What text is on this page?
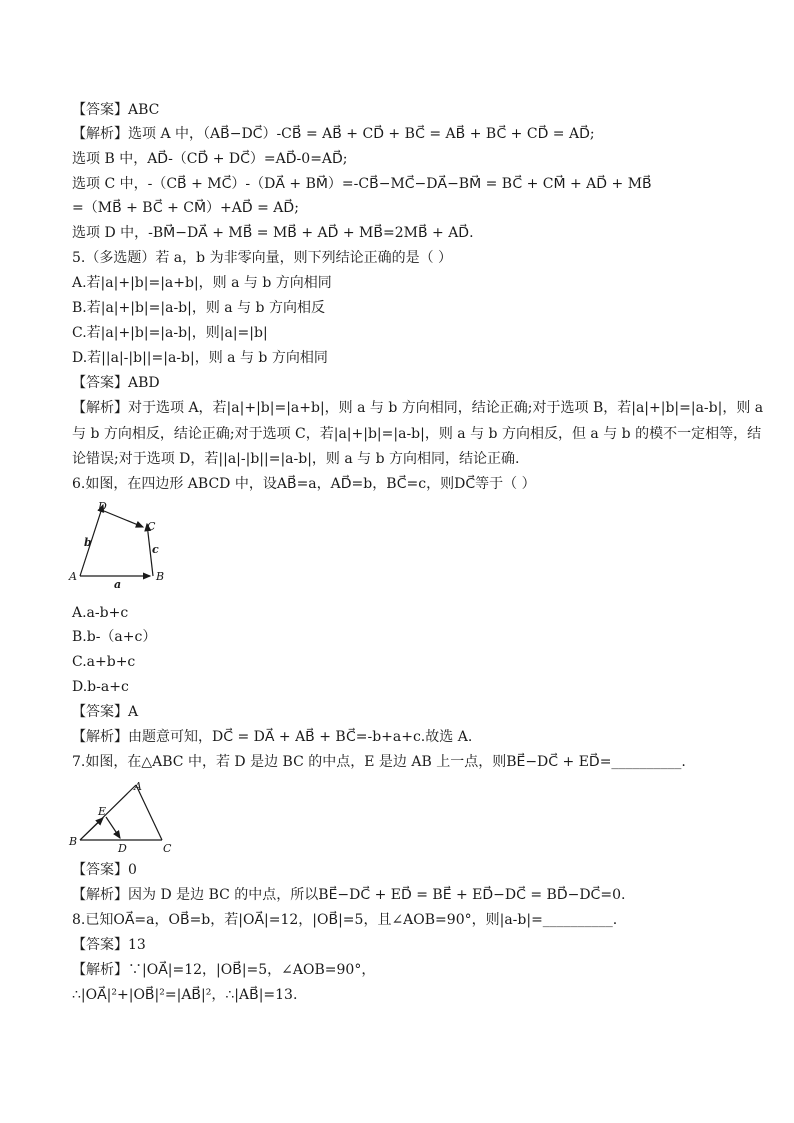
【答案】ABC
【解析】选项 A 中，（AB⃗−DC⃗）-CB⃗ = AB⃗ + CD⃗ + BC⃗ = AB⃗ + BC⃗ + CD⃗ = AD⃗;
选项 B 中，AD⃗-（CD⃗ + DC⃗）=AD⃗-0=AD⃗;
选项 C 中，-（CB⃗ + MC⃗）-（DA⃗ + BM⃗）=-CB⃗−MC⃗−DA⃗−BM⃗ = BC⃗ + CM⃗ + AD⃗ + MB⃗
=（MB⃗ + BC⃗ + CM⃗）+AD⃗ = AD⃗;
选项 D 中，-BM⃗−DA⃗ + MB⃗ = MB⃗ + AD⃗ + MB⃗=2MB⃗ + AD⃗.
5.（多选题）若 a，b 为非零向量，则下列结论正确的是（ ）
A.若|a|+|b|=|a+b|，则 a 与 b 方向相同
B.若|a|+|b|=|a-b|，则 a 与 b 方向相反
C.若|a|+|b|=|a-b|，则|a|=|b|
D.若||a|-|b||=|a-b|，则 a 与 b 方向相同
【答案】ABD
【解析】对于选项 A，若|a|+|b|=|a+b|，则 a 与 b 方向相同，结论正确;对于选项 B，若|a|+|b|=|a-b|，则 a
与 b 方向相反，结论正确;对于选项 C，若|a|+|b|=|a-b|，则 a 与 b 方向相反，但 a 与 b 的模不一定相等，结
论错误;对于选项 D，若||a|-|b||=|a-b|，则 a 与 b 方向相同，结论正确.
6.如图，在四边形 ABCD 中，设AB⃗=a，AD⃗=b，BC⃗=c，则DC⃗等于（ ）
A.a-b+c
B.b-（a+c）
C.a+b+c
D.b-a+c
【答案】A
【解析】由题意可知，DC⃗ = DA⃗ + AB⃗ + BC⃗=-b+a+c.故选 A.
7.如图，在△ABC 中，若 D 是边 BC 的中点，E 是边 AB 上一点，则BE⃗−DC⃗ + ED⃗=__________.
【答案】0
【解析】因为 D 是边 BC 的中点，所以BE⃗−DC⃗ + ED⃗ = BE⃗ + ED⃗−DC⃗ = BD⃗−DC⃗=0.
8.已知OA⃗=a，OB⃗=b，若|OA⃗|=12，|OB⃗|=5，且∠AOB=90°，则|a-b|=__________.
【答案】13
【解析】∵|OA⃗|=12，|OB⃗|=5，∠AOB=90°，
∴|OA⃗|²+|OB⃗|²=|AB⃗|²，∴|AB⃗|=13.
D
C
A	B
b
c
a
A
E
B
D	C
